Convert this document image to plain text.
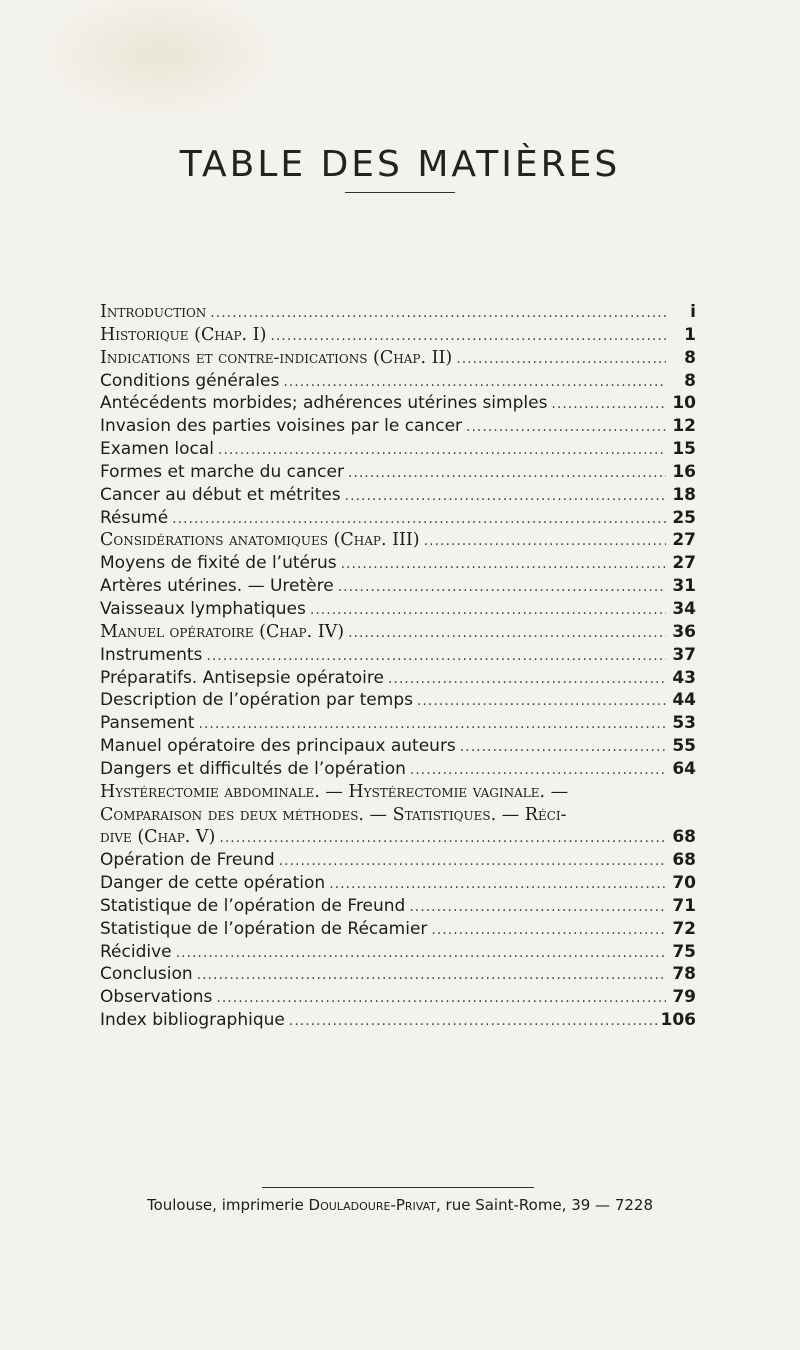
TABLE DES MATIÈRES
Introduction .....	i
Historique (Chap. I) .....	1
Indications et contre-indications (Chap. II) .....	8
Conditions générales .....	8
Antécédents morbides; adhérences utérines simples .....	10
Invasion des parties voisines par le cancer .....	12
Examen local .....	15
Formes et marche du cancer .....	16
Cancer au début et métrites .....	18
Résumé .....	25
Considérations anatomiques (Chap. III) .....	27
Moyens de fixité de l’utérus .....	27
Artères utérines. — Uretère .....	31
Vaisseaux lymphatiques .....	34
Manuel opératoire (Chap. IV) .....	36
Instruments .....	37
Préparatifs. Antisepsie opératoire .....	43
Description de l’opération par temps .....	44
Pansement .....	53
Manuel opératoire des principaux auteurs .....	55
Dangers et difficultés de l’opération .....	64
Hystérectomie abdominale. — Hystérectomie vaginale. —
Comparaison des deux méthodes. — Statistiques. — Réci-
dive (Chap. V) .....	68
Opération de Freund .....	68
Danger de cette opération .....	70
Statistique de l’opération de Freund .....	71
Statistique de l’opération de Récamier .....	72
Récidive .....	75
Conclusion .....	78
Observations .....	79
Index bibliographique .....	106
Toulouse, imprimerie Douladoure-Privat, rue Saint-Rome, 39 — 7228
